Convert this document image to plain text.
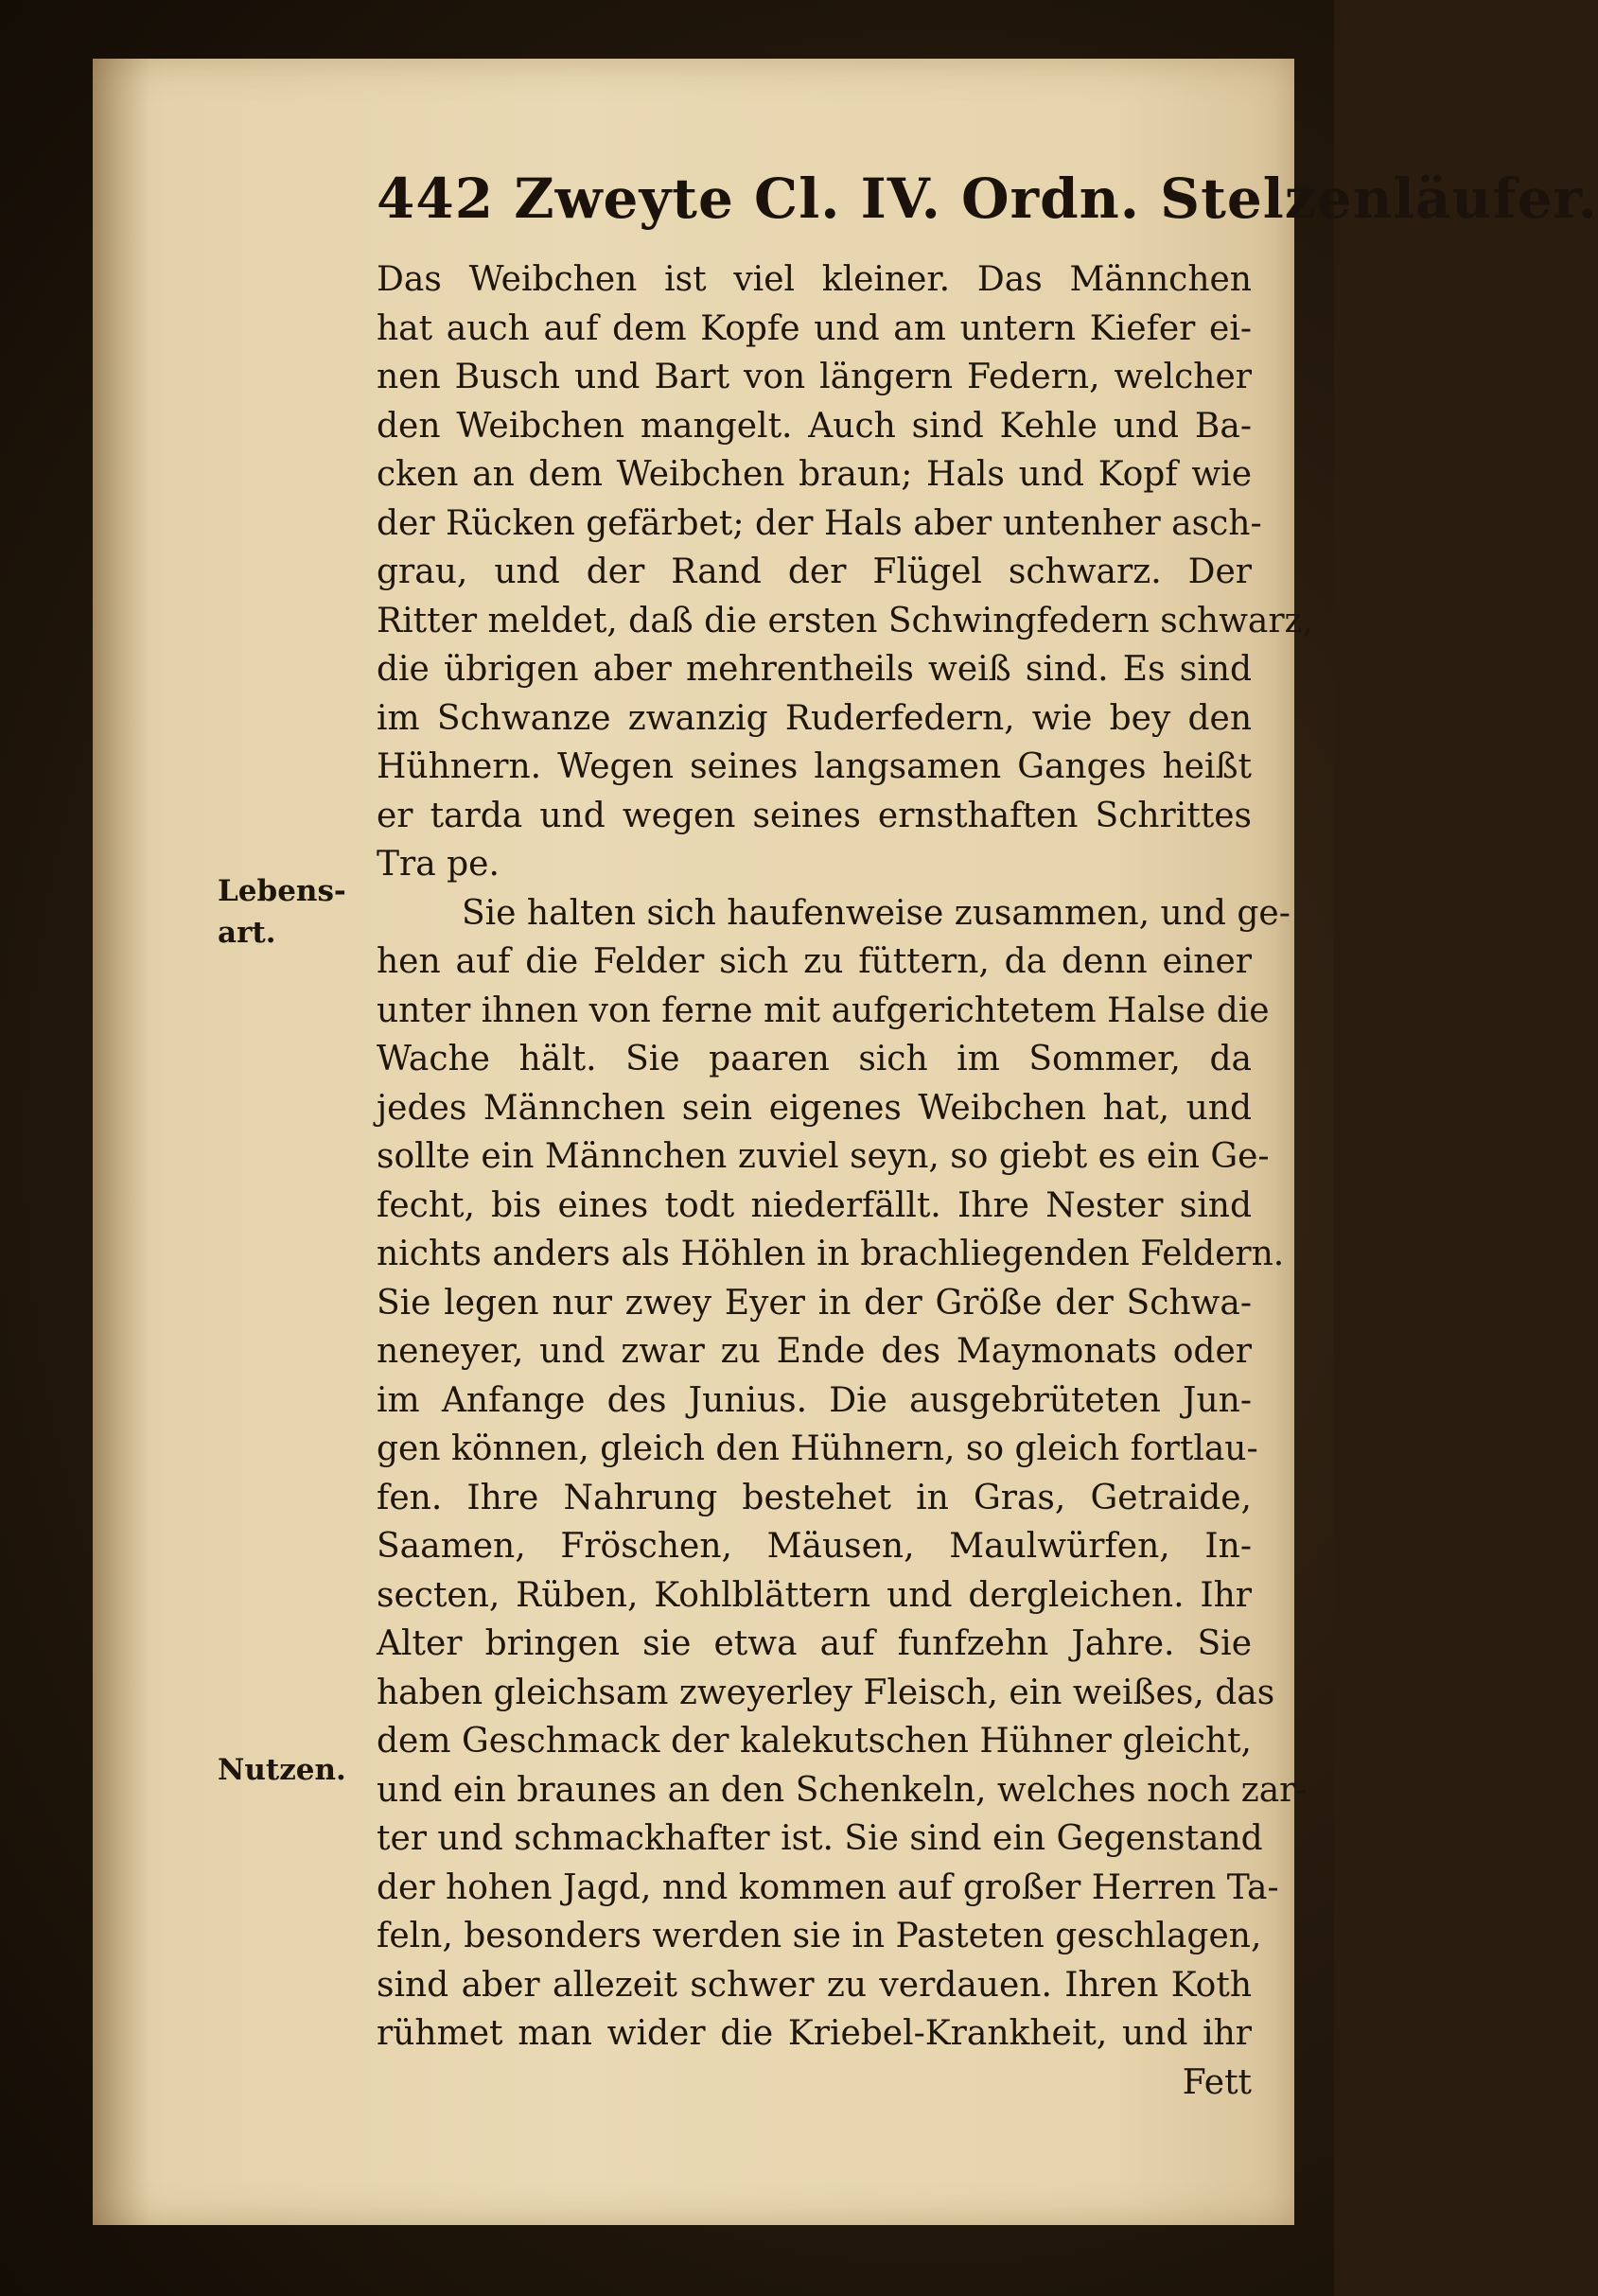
442 Zweyte Cl. IV. Ordn. Stelzenläufer.
Lebens-
art.
Nutzen.
Das Weibchen ist viel kleiner. Das Männchen
hat auch auf dem Kopfe und am untern Kiefer ei-
nen Busch und Bart von längern Federn, welcher
den Weibchen mangelt. Auch sind Kehle und Ba-
cken an dem Weibchen braun; Hals und Kopf wie
der Rücken gefärbet; der Hals aber untenher asch-
grau, und der Rand der Flügel schwarz. Der
Ritter meldet, daß die ersten Schwingfedern schwarz,
die übrigen aber mehrentheils weiß sind. Es sind
im Schwanze zwanzig Ruderfedern, wie bey den
Hühnern. Wegen seines langsamen Ganges heißt
er tarda und wegen seines ernsthaften Schrittes
Tra pe.
Sie halten sich haufenweise zusammen, und ge-
hen auf die Felder sich zu füttern, da denn einer
unter ihnen von ferne mit aufgerichtetem Halse die
Wache hält. Sie paaren sich im Sommer, da
jedes Männchen sein eigenes Weibchen hat, und
sollte ein Männchen zuviel seyn, so giebt es ein Ge-
fecht, bis eines todt niederfällt. Ihre Nester sind
nichts anders als Höhlen in brachliegenden Feldern.
Sie legen nur zwey Eyer in der Größe der Schwa-
neneyer, und zwar zu Ende des Maymonats oder
im Anfange des Junius. Die ausgebrüteten Jun-
gen können, gleich den Hühnern, so gleich fortlau-
fen. Ihre Nahrung bestehet in Gras, Getraide,
Saamen, Fröschen, Mäusen, Maulwürfen, In-
secten, Rüben, Kohlblättern und dergleichen. Ihr
Alter bringen sie etwa auf funfzehn Jahre. Sie
haben gleichsam zweyerley Fleisch, ein weißes, das
dem Geschmack der kalekutschen Hühner gleicht,
und ein braunes an den Schenkeln, welches noch zar-
ter und schmackhafter ist. Sie sind ein Gegenstand
der hohen Jagd, nnd kommen auf großer Herren Ta-
feln, besonders werden sie in Pasteten geschlagen,
sind aber allezeit schwer zu verdauen. Ihren Koth
rühmet man wider die Kriebel-Krankheit, und ihr
Fett
